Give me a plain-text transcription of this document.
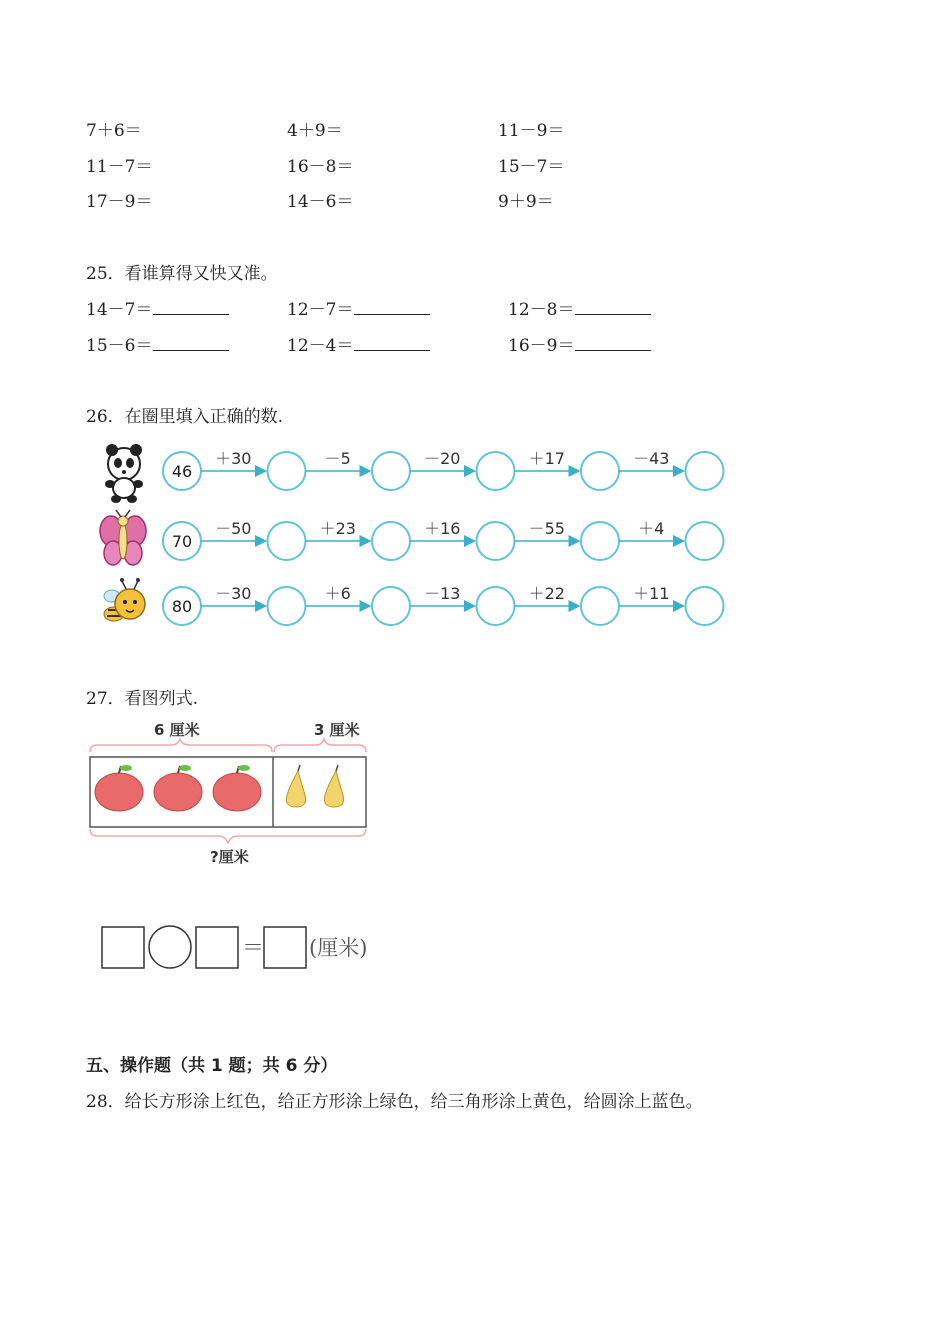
7＋6＝	4＋9＝	11－9＝
11－7＝	16－8＝	15－7＝
17－9＝	14－6＝	9＋9＝
25．看谁算得又快又准。
14－7＝	12－7＝	12－8＝
15－6＝	12－4＝	16－9＝
26．在圈里填入正确的数.
46
＋30	－5	－20	＋17	－43
70
－50	＋23	＋16	－55	＋4
80
－30	＋6	－13	＋22	＋11
27．看图列式.
6 厘米	3 厘米
?厘米
＝ (厘米)
五、操作题（共 1 题；共 6 分）
28．给长方形涂上红色，给正方形涂上绿色，给三角形涂上黄色，给圆涂上蓝色。
